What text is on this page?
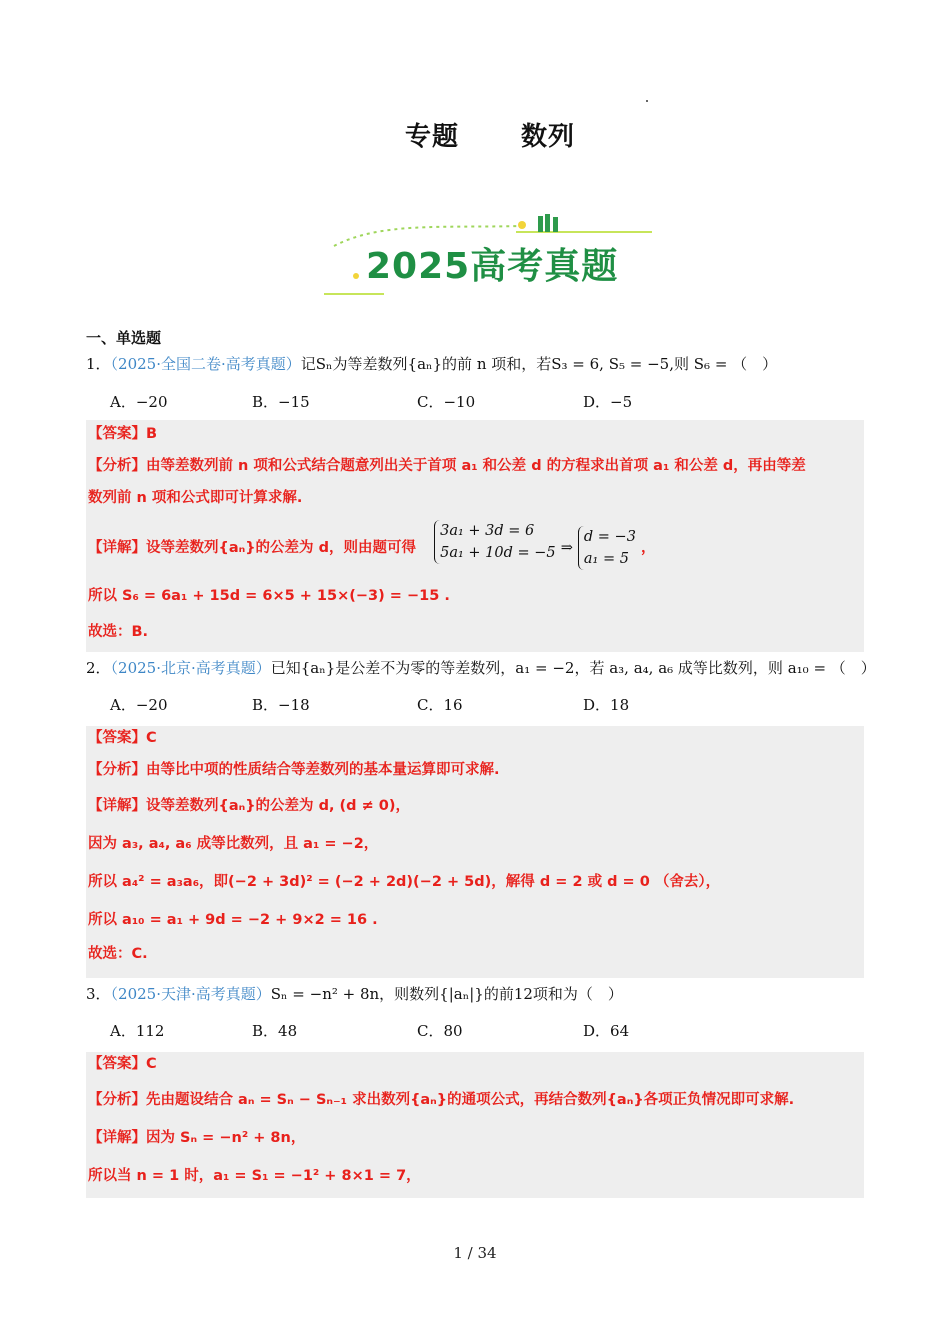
专题 数列
2025高考真题
一、单选题
1．（2025·全国二卷·高考真题）记Sₙ为等差数列{aₙ}的前 n 项和，若S₃ = 6, S₅ = −5,则 S₆ = （　）
A．−20	B．−15	C．−10	D．−5
【答案】B
【分析】由等差数列前 n 项和公式结合题意列出关于首项 a₁ 和公差 d 的方程求出首项 a₁ 和公差 d，再由等差
数列前 n 项和公式即可计算求解.
【详解】设等差数列{aₙ}的公差为 d，则由题可得
3a₁ + 3d = 6
5a₁ + 10d = −5 ⇒
d = −3
a₁ = 5
，
所以 S₆ = 6a₁ + 15d = 6×5 + 15×(−3) = −15 .
故选：B.
2．（2025·北京·高考真题）已知{aₙ}是公差不为零的等差数列，a₁ = −2，若 a₃, a₄, a₆ 成等比数列，则 a₁₀ = （　）
A．−20	B．−18	C．16	D．18
【答案】C
【分析】由等比中项的性质结合等差数列的基本量运算即可求解.
【详解】设等差数列{aₙ}的公差为 d, (d ≠ 0)，
因为 a₃, a₄, a₆ 成等比数列，且 a₁ = −2，
所以 a₄² = a₃a₆，即(−2 + 3d)² = (−2 + 2d)(−2 + 5d)，解得 d = 2 或 d = 0 （舍去），
所以 a₁₀ = a₁ + 9d = −2 + 9×2 = 16 .
故选：C.
3．（2025·天津·高考真题）Sₙ = −n² + 8n，则数列{|aₙ|}的前12项和为（　）
A．112	B．48	C．80	D．64
【答案】C
【分析】先由题设结合 aₙ = Sₙ − Sₙ₋₁ 求出数列{aₙ}的通项公式，再结合数列{aₙ}各项正负情况即可求解.
【详解】因为 Sₙ = −n² + 8n，
所以当 n = 1 时，a₁ = S₁ = −1² + 8×1 = 7，
1 / 34
